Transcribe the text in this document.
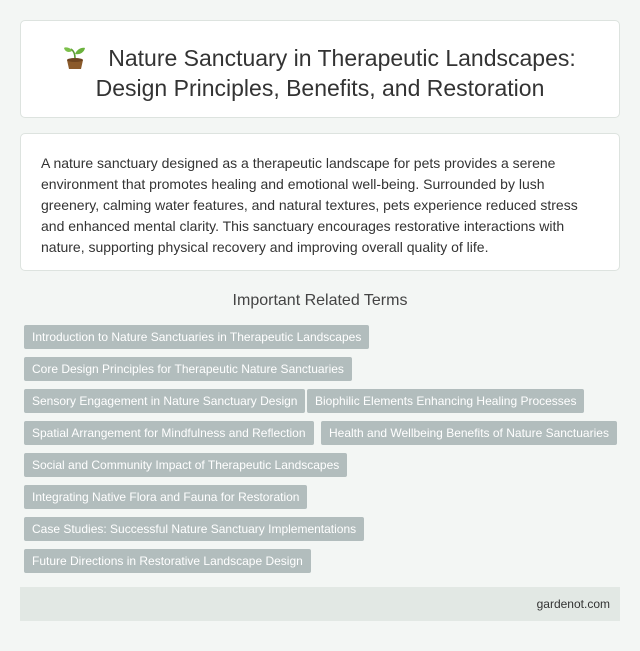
Nature Sanctuary in Therapeutic Landscapes:
Design Principles, Benefits, and Restoration

A nature sanctuary designed as a therapeutic landscape for pets provides a serene environment that promotes healing and emotional well-being. Surrounded by lush greenery, calming water features, and natural textures, pets experience reduced stress and enhanced mental clarity. This sanctuary encourages restorative interactions with nature, supporting physical recovery and improving overall quality of life.

Important Related Terms
Introduction to Nature Sanctuaries in Therapeutic Landscapes
Core Design Principles for Therapeutic Nature Sanctuaries
Sensory Engagement in Nature Sanctuary Design	Biophilic Elements Enhancing Healing Processes
Spatial Arrangement for Mindfulness and Reflection	Health and Wellbeing Benefits of Nature Sanctuaries
Social and Community Impact of Therapeutic Landscapes
Integrating Native Flora and Fauna for Restoration
Case Studies: Successful Nature Sanctuary Implementations
Future Directions in Restorative Landscape Design
gardenot.com
